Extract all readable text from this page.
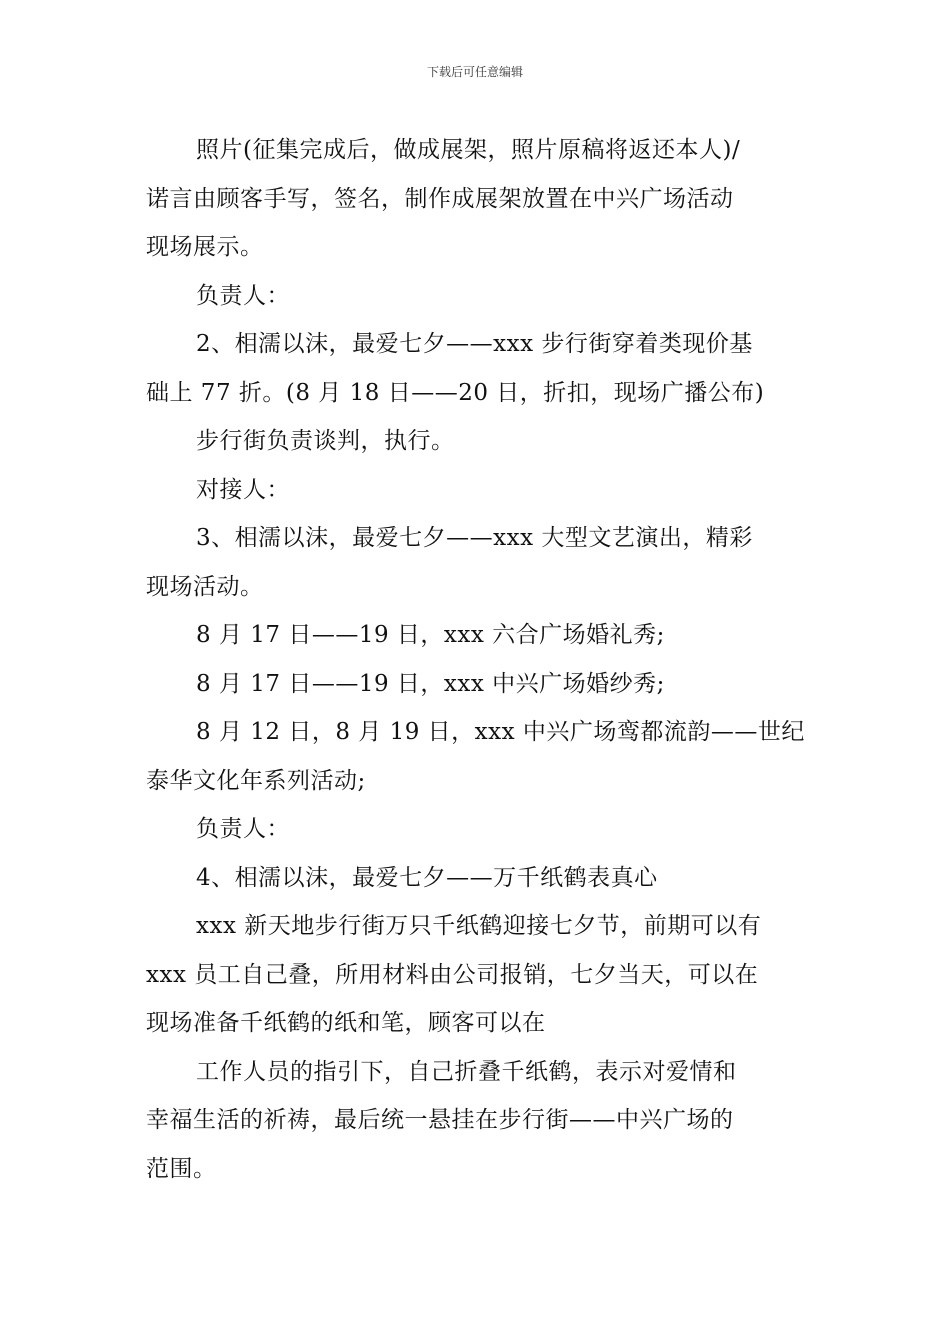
下载后可任意编辑

照片(征集完成后，做成展架，照片原稿将返还本人)/

诺言由顾客手写，签名，制作成展架放置在中兴广场活动

现场展示。

负责人：

2、相濡以沫，最爱七夕——xxx 步行街穿着类现价基

础上 77 折。(8 月 18 日——20 日，折扣，现场广播公布)

步行街负责谈判，执行。

对接人：

3、相濡以沫，最爱七夕——xxx 大型文艺演出，精彩

现场活动。

8 月 17 日——19 日，xxx 六合广场婚礼秀;

8 月 17 日——19 日，xxx 中兴广场婚纱秀;

8 月 12 日，8 月 19 日，xxx 中兴广场鸾都流韵——世纪

泰华文化年系列活动;

负责人：

4、相濡以沫，最爱七夕——万千纸鹤表真心

xxx 新天地步行街万只千纸鹤迎接七夕节，前期可以有

xxx 员工自己叠，所用材料由公司报销，七夕当天，可以在

现场准备千纸鹤的纸和笔，顾客可以在

工作人员的指引下，自己折叠千纸鹤，表示对爱情和

幸福生活的祈祷，最后统一悬挂在步行街——中兴广场的

范围。
